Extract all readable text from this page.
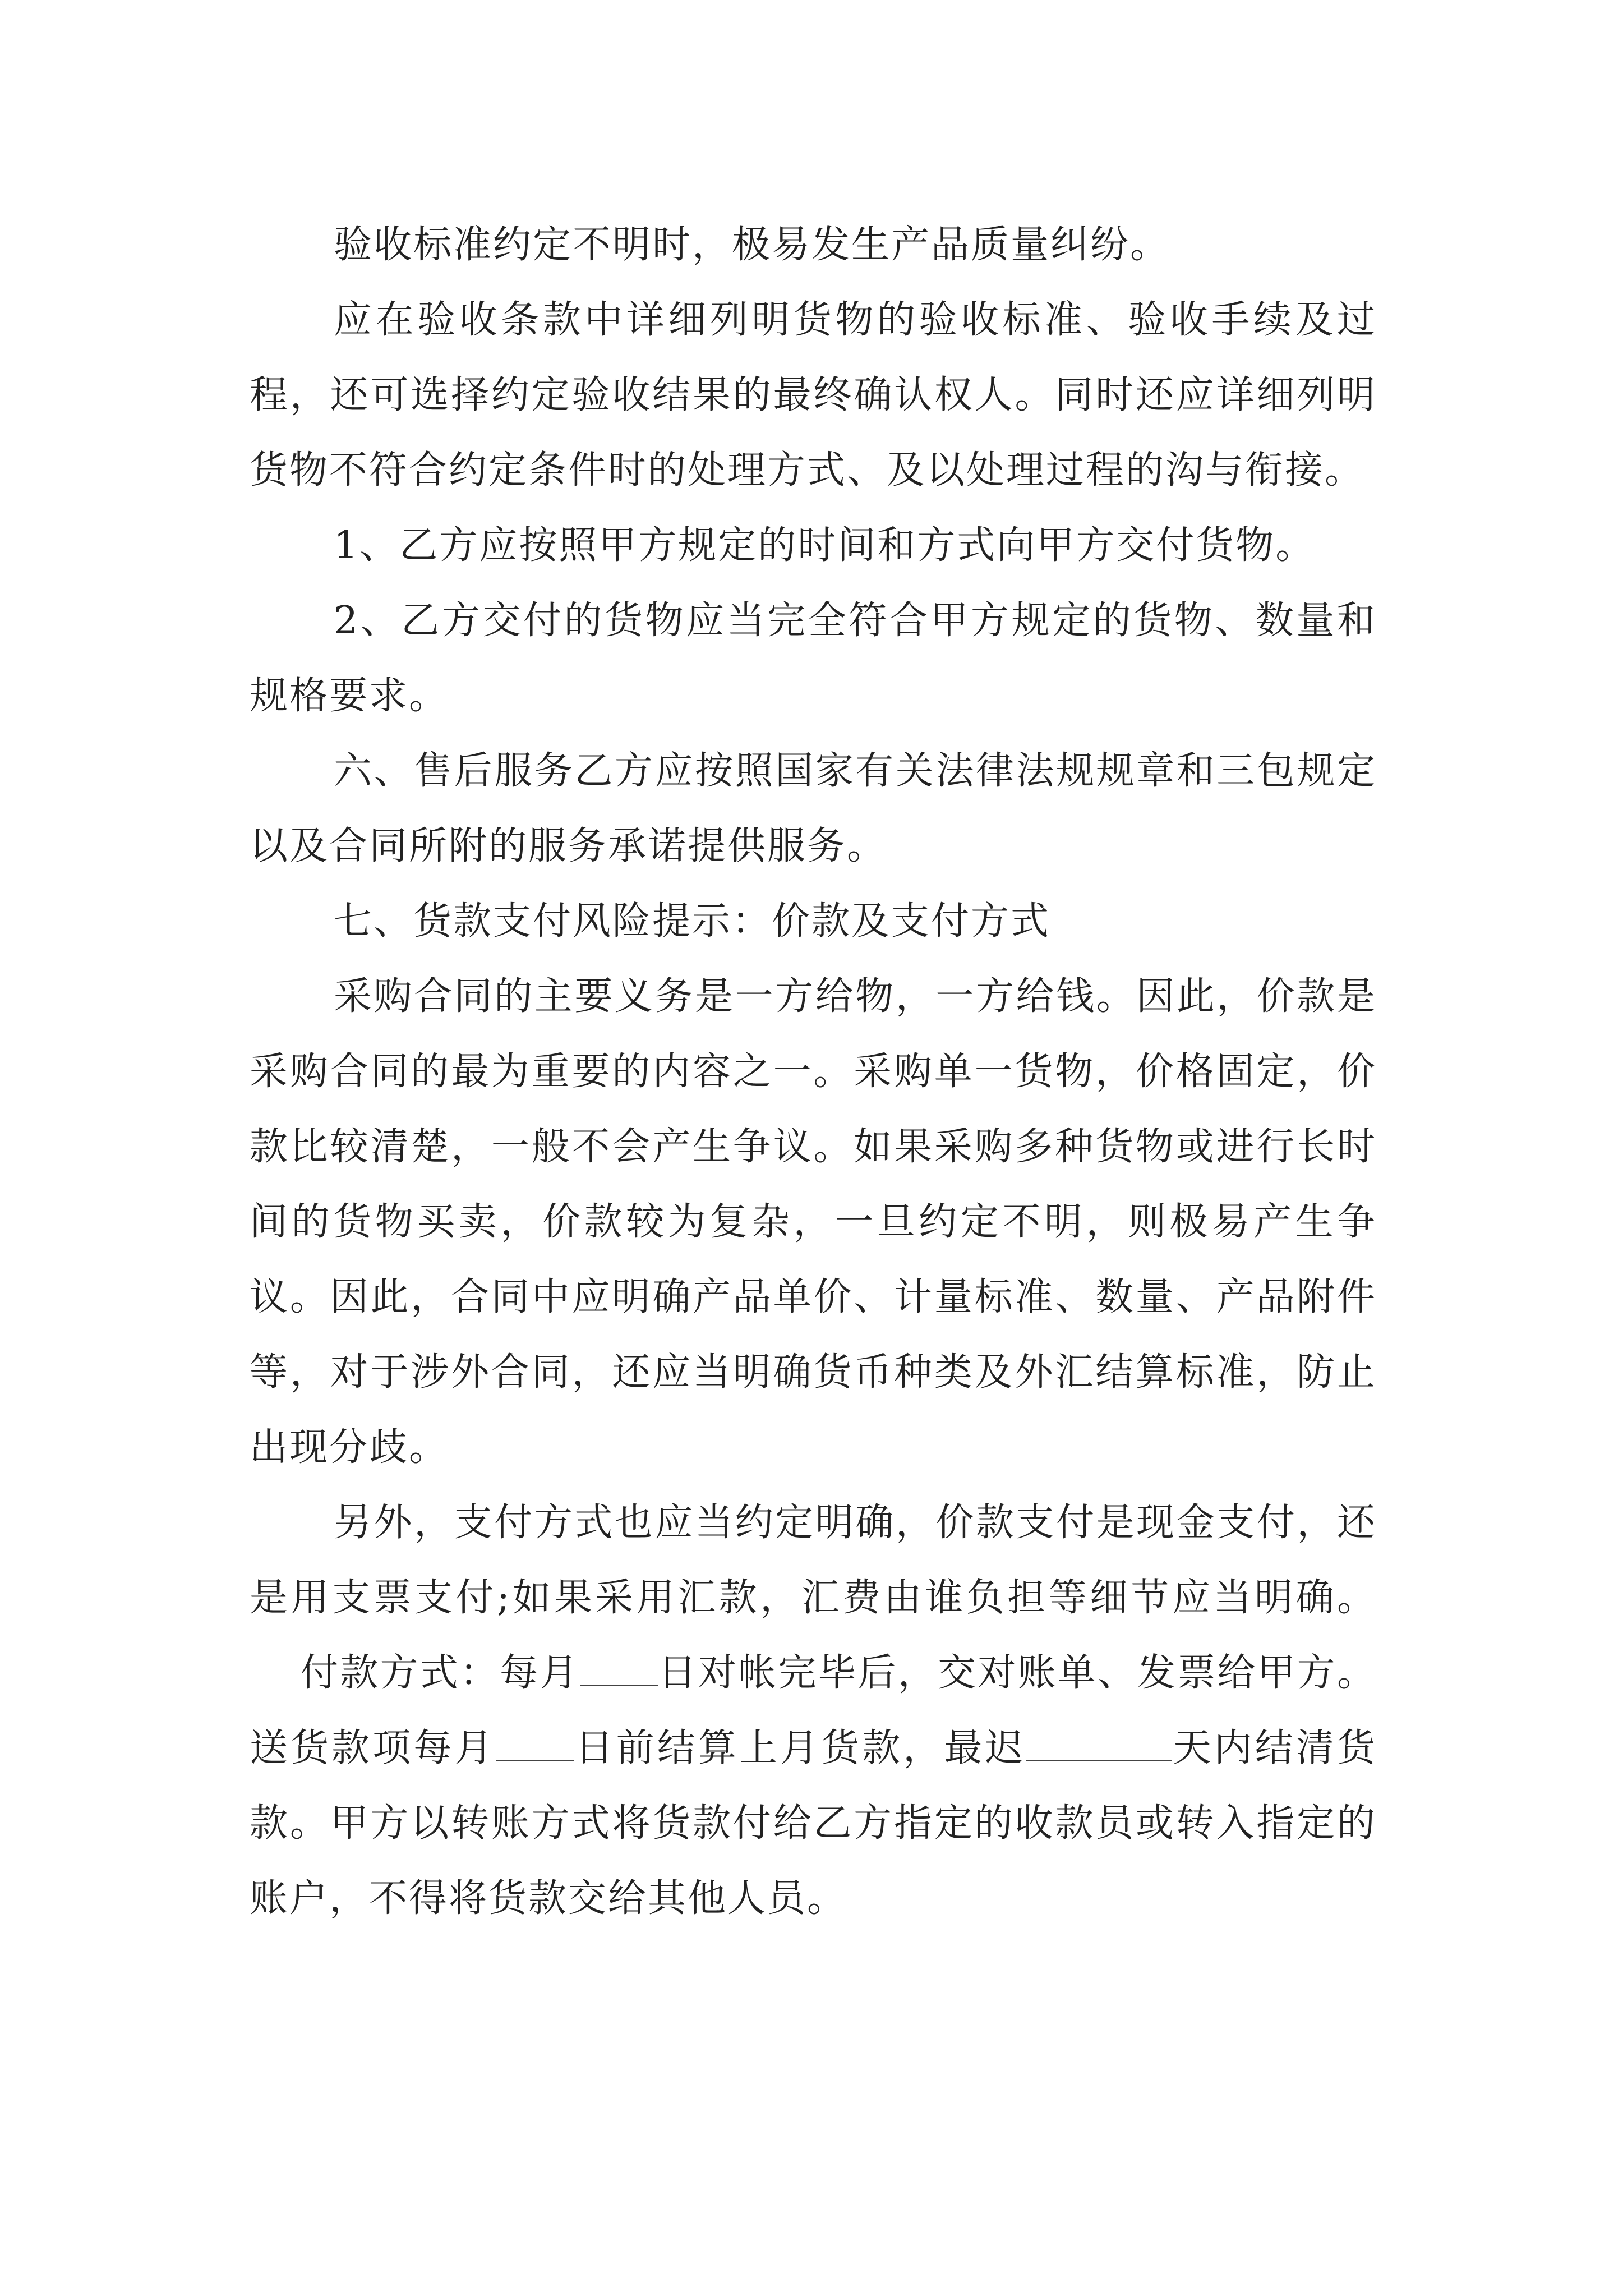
验收标准约定不明时，极易发生产品质量纠纷。

应在验收条款中详细列明货物的验收标准、验收手续及过程，还可选择约定验收结果的最终确认权人。同时还应详细列明货物不符合约定条件时的处理方式、及以处理过程的沟与衔接。

1、乙方应按照甲方规定的时间和方式向甲方交付货物。

2、乙方交付的货物应当完全符合甲方规定的货物、数量和规格要求。

六、售后服务乙方应按照国家有关法律法规规章和三包规定以及合同所附的服务承诺提供服务。

七、货款支付风险提示：价款及支付方式

采购合同的主要义务是一方给物，一方给钱。因此，价款是采购合同的最为重要的内容之一。采购单一货物，价格固定，价款比较清楚，一般不会产生争议。如果采购多种货物或进行长时间的货物买卖，价款较为复杂，一旦约定不明，则极易产生争议。因此，合同中应明确产品单价、计量标准、数量、产品附件等，对于涉外合同，还应当明确货币种类及外汇结算标准，防止出现分歧。

另外，支付方式也应当约定明确，价款支付是现金支付，还是用支票支付;如果采用汇款，汇费由谁负担等细节应当明确。付款方式：每月 日对帐完毕后，交对账单、发票给甲方。送货款项每月 日前结算上月货款，最迟	天内结清货款。甲方以转账方式将货款付给乙方指定的收款员或转入指定的账户，不得将货款交给其他人员。
